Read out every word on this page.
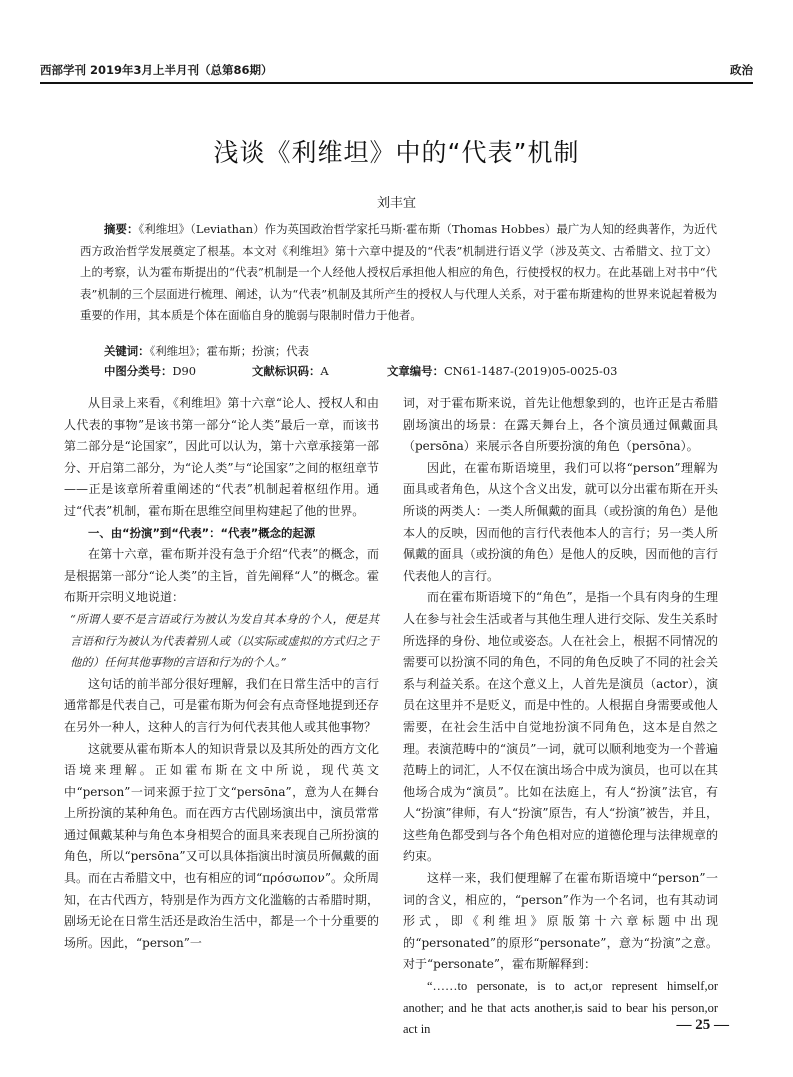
西部学刊 2019年3月上半月刊（总第86期）	政治
浅谈《利维坦》中的“代表”机制
刘丰宜
摘要：《利维坦》（Leviathan）作为英国政治哲学家托马斯·霍布斯（Thomas Hobbes）最广为人知的经典著作，为近代西方政治哲学发展奠定了根基。本文对《利维坦》第十六章中提及的“代表”机制进行语义学（涉及英文、古希腊文、拉丁文）上的考察，认为霍布斯提出的“代表”机制是一个人经他人授权后承担他人相应的角色，行使授权的权力。在此基础上对书中“代表”机制的三个层面进行梳理、阐述，认为“代表”机制及其所产生的授权人与代理人关系，对于霍布斯建构的世界来说起着极为重要的作用，其本质是个体在面临自身的脆弱与限制时借力于他者。
关键词：《利维坦》；霍布斯；扮演；代表
中图分类号：D90	文献标识码：A	文章编号：CN61-1487-(2019)05-0025-03

从目录上来看，《利维坦》第十六章“论人、授权人和由人代表的事物”是该书第一部分“论人类”最后一章，而该书第二部分是“论国家”，因此可以认为，第十六章承接第一部分、开启第二部分，为“论人类”与“论国家”之间的枢纽章节——正是该章所着重阐述的“代表”机制起着枢纽作用。通过“代表”机制，霍布斯在思维空间里构建起了他的世界。

一、由“扮演”到“代表”：“代表”概念的起源

在第十六章，霍布斯并没有急于介绍“代表”的概念，而是根据第一部分“论人类”的主旨，首先阐释“人”的概念。霍布斯开宗明义地说道：

“所谓人要不是言语或行为被认为发自其本身的个人，便是其言语和行为被认为代表着别人或（以实际或虚拟的方式归之于他的）任何其他事物的言语和行为的个人。”

这句话的前半部分很好理解，我们在日常生活中的言行通常都是代表自己，可是霍布斯为何会有点奇怪地提到还存在另外一种人，这种人的言行为何代表其他人或其他事物？

这就要从霍布斯本人的知识背景以及其所处的西方文化语境来理解。正如霍布斯在文中所说，现代英文中“person”一词来源于拉丁文“persōna”，意为人在舞台上所扮演的某种角色。而在西方古代剧场演出中，演员常常通过佩戴某种与角色本身相契合的面具来表现自己所扮演的角色，所以“persōna”又可以具体指演出时演员所佩戴的面具。而在古希腊文中，也有相应的词“πρόσωπον”。众所周知，在古代西方，特别是作为西方文化滥觞的古希腊时期，剧场无论在日常生活还是政治生活中，都是一个十分重要的场所。因此，“person”一

词，对于霍布斯来说，首先让他想象到的，也许正是古希腊剧场演出的场景：在露天舞台上，各个演员通过佩戴面具（persōna）来展示各自所要扮演的角色（persōna）。

因此，在霍布斯语境里，我们可以将“person”理解为面具或者角色，从这个含义出发，就可以分出霍布斯在开头所谈的两类人：一类人所佩戴的面具（或扮演的角色）是他本人的反映，因而他的言行代表他本人的言行；另一类人所佩戴的面具（或扮演的角色）是他人的反映，因而他的言行代表他人的言行。

而在霍布斯语境下的“角色”，是指一个具有肉身的生理人在参与社会生活或者与其他生理人进行交际、发生关系时所选择的身份、地位或姿态。人在社会上，根据不同情况的需要可以扮演不同的角色，不同的角色反映了不同的社会关系与利益关系。在这个意义上，人首先是演员（actor），演员在这里并不是贬义，而是中性的。人根据自身需要或他人需要，在社会生活中自觉地扮演不同角色，这本是自然之理。表演范畴中的“演员”一词，就可以顺利地变为一个普遍范畴上的词汇，人不仅在演出场合中成为演员，也可以在其他场合成为“演员”。比如在法庭上，有人“扮演”法官，有人“扮演”律师，有人“扮演”原告，有人“扮演”被告，并且，这些角色都受到与各个角色相对应的道德伦理与法律规章的约束。

这样一来，我们便理解了在霍布斯语境中“person”一词的含义，相应的，“person”作为一个名词，也有其动词形式，即《利维坦》原版第十六章标题中出现的“personated”的原形“personate”，意为“扮演”之意。对于“personate”，霍布斯解释到：

“……to personate, is to act,or represent himself,or another; and he that acts another,is said to bear his person,or act in	— 25 —
